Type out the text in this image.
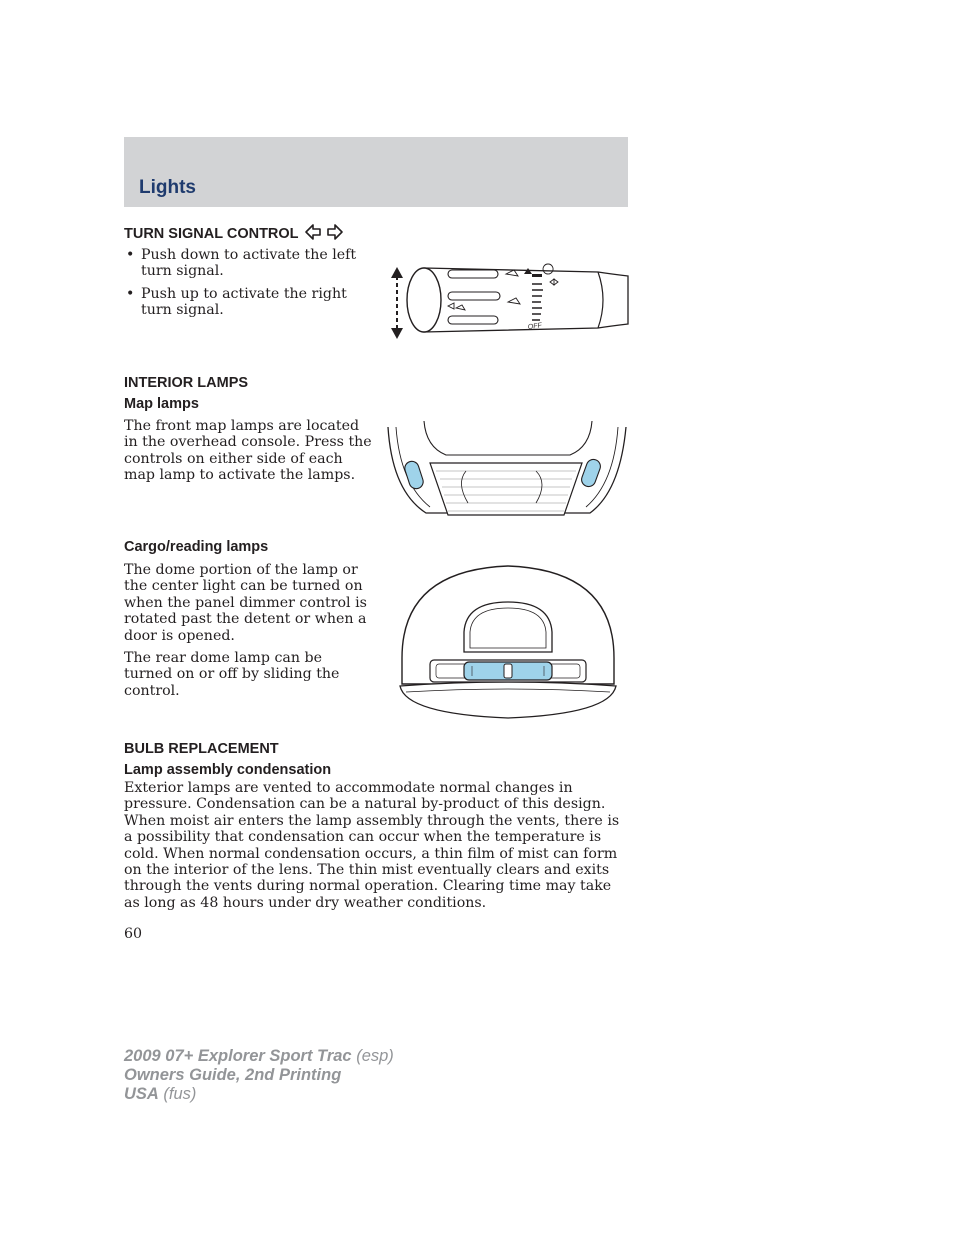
Lights
TURN SIGNAL CONTROL
• Push down to activate the left turn signal.
• Push up to activate the right turn signal.
OFF
INTERIOR LAMPS
Map lamps

The front map lamps are located in the overhead console. Press the controls on either side of each map lamp to activate the lamps.

Cargo/reading lamps

The dome portion of the lamp or the center light can be turned on when the panel dimmer control is rotated past the detent or when a door is opened.

The rear dome lamp can be turned on or off by sliding the control.

BULB REPLACEMENT
Lamp assembly condensation

Exterior lamps are vented to accommodate normal changes in pressure. Condensation can be a natural by-product of this design. When moist air enters the lamp assembly through the vents, there is a possibility that condensation can occur when the temperature is cold. When normal condensation occurs, a thin film of mist can form on the interior of the lens. The thin mist eventually clears and exits through the vents during normal operation. Clearing time may take as long as 48 hours under dry weather conditions.

60

2009 07+ Explorer Sport Trac (esp)
Owners Guide, 2nd Printing
USA (fus)
